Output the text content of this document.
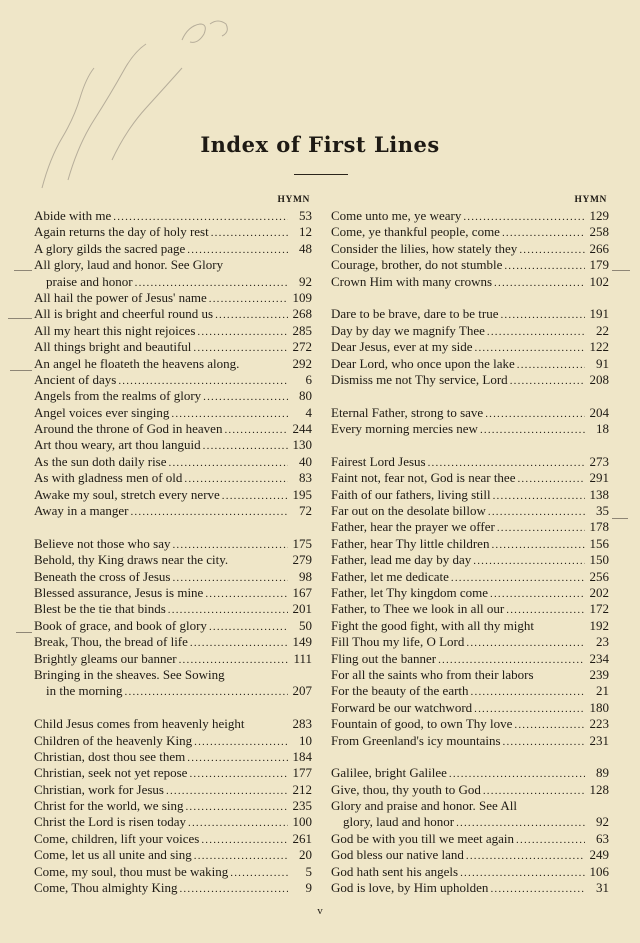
Index of First Lines
HYMN
Abide with me .....	53
Again returns the day of holy rest .....	12
A glory gilds the sacred page .....	48
All glory, laud and honor. See Glory
praise and honor .....	92
All hail the power of Jesus' name .....	109
All is bright and cheerful round us .....	268
All my heart this night rejoices .....	285
All things bright and beautiful .....	272
An angel he floateth the heavens along.	292
Ancient of days .....	6
Angels from the realms of glory .....	80
Angel voices ever singing .....	4
Around the throne of God in heaven .....	244
Art thou weary, art thou languid .....	130
As the sun doth daily rise .....	40
As with gladness men of old .....	83
Awake my soul, stretch every nerve .....	195
Away in a manger .....	72
Believe not those who say .....	175
Behold, thy King draws near the city.	279
Beneath the cross of Jesus .....	98
Blessed assurance, Jesus is mine .....	167
Blest be the tie that binds .....	201
Book of grace, and book of glory .....	50
Break, Thou, the bread of life .....	149
Brightly gleams our banner .....	111
Bringing in the sheaves. See Sowing
in the morning .....	207
Child Jesus comes from heavenly height	283
Children of the heavenly King .....	10
Christian, dost thou see them .....	184
Christian, seek not yet repose .....	177
Christian, work for Jesus .....	212
Christ for the world, we sing .....	235
Christ the Lord is risen today .....	100
Come, children, lift your voices .....	261
Come, let us all unite and sing .....	20
Come, my soul, thou must be waking .....	5
Come, Thou almighty King .....	9
HYMN
Come unto me, ye weary .....	129
Come, ye thankful people, come .....	258
Consider the lilies, how stately they .....	266
Courage, brother, do not stumble .....	179
Crown Him with many crowns .....	102
Dare to be brave, dare to be true .....	191
Day by day we magnify Thee .....	22
Dear Jesus, ever at my side .....	122
Dear Lord, who once upon the lake .....	91
Dismiss me not Thy service, Lord .....	208
Eternal Father, strong to save .....	204
Every morning mercies new .....	18
Fairest Lord Jesus .....	273
Faint not, fear not, God is near thee .....	291
Faith of our fathers, living still .....	138
Far out on the desolate billow .....	35
Father, hear the prayer we offer .....	178
Father, hear Thy little children .....	156
Father, lead me day by day .....	150
Father, let me dedicate .....	256
Father, let Thy kingdom come .....	202
Father, to Thee we look in all our .....	172
Fight the good fight, with all thy might	192
Fill Thou my life, O Lord .....	23
Fling out the banner .....	234
For all the saints who from their labors	239
For the beauty of the earth .....	21
Forward be our watchword .....	180
Fountain of good, to own Thy love .....	223
From Greenland's icy mountains .....	231
Galilee, bright Galilee .....	89
Give, thou, thy youth to God .....	128
Glory and praise and honor. See All
glory, laud and honor .....	92
God be with you till we meet again .....	63
God bless our native land .....	249
God hath sent his angels .....	106
God is love, by Him upholden .....	31
v
